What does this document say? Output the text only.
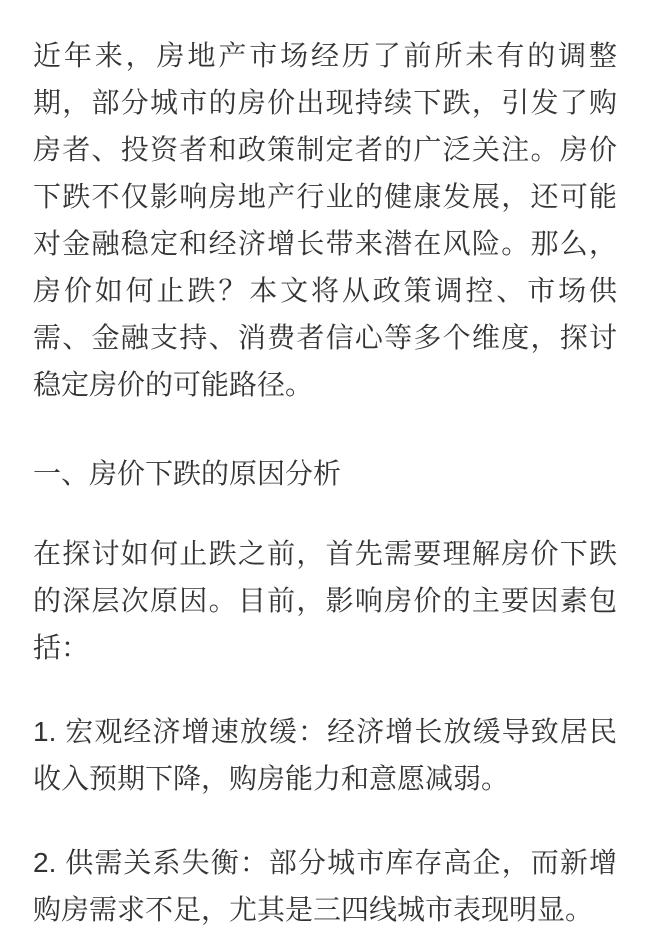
近年来，房地产市场经历了前所未有的调整期，部分城市的房价出现持续下跌，引发了购房者、投资者和政策制定者的广泛关注。房价下跌不仅影响房地产行业的健康发展，还可能对金融稳定和经济增长带来潜在风险。那么，房价如何止跌？本文将从政策调控、市场供需、金融支持、消费者信心等多个维度，探讨稳定房价的可能路径。

一、房价下跌的原因分析

在探讨如何止跌之前，首先需要理解房价下跌的深层次原因。目前，影响房价的主要因素包括：

1. 宏观经济增速放缓：经济增长放缓导致居民收入预期下降，购房能力和意愿减弱。

2. 供需关系失衡：部分城市库存高企，而新增购房需求不足，尤其是三四线城市表现明显。
